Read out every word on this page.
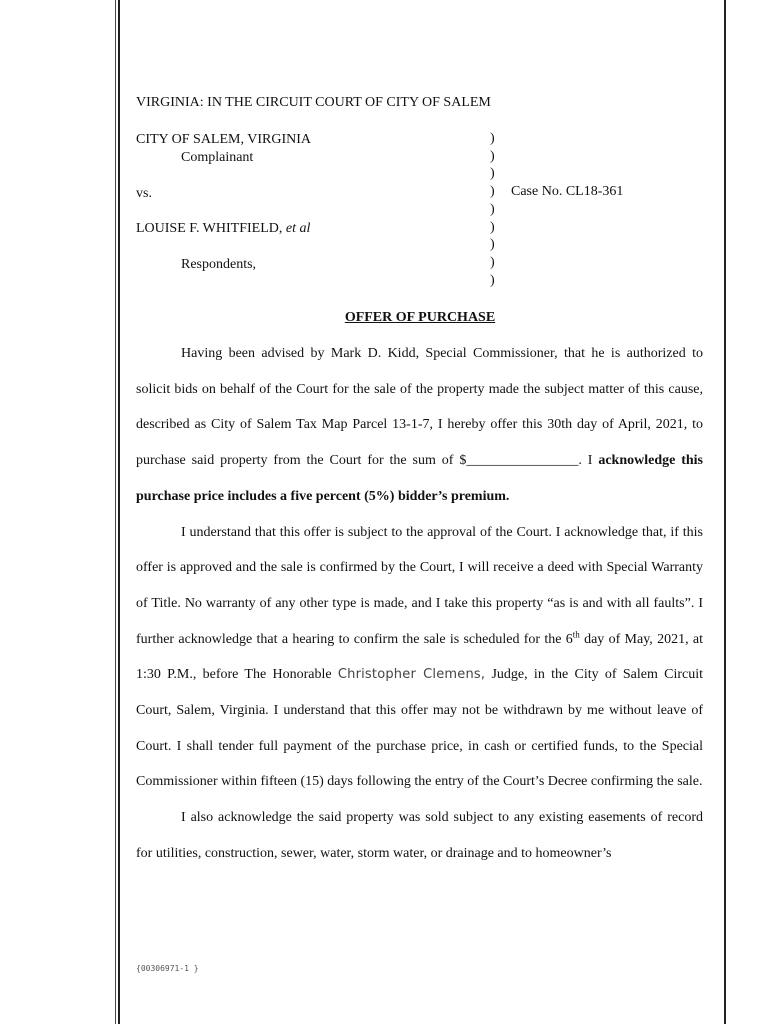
VIRGINIA: IN THE CIRCUIT COURT OF CITY OF SALEM
CITY OF SALEM, VIRGINIA
Complainant
vs.
LOUISE F. WHITFIELD, et al
Respondents,
)
)
)
)
)
)
)
)
)
Case No. CL18-361
OFFER OF PURCHASE

Having been advised by Mark D. Kidd, Special Commissioner, that he is authorized to solicit bids on behalf of the Court for the sale of the property made the subject matter of this cause, described as City of Salem Tax Map Parcel 13-1-7, I hereby offer this 30th day of April, 2021, to purchase said property from the Court for the sum of $________________. I acknowledge this purchase price includes a five percent (5%) bidder’s premium.

I understand that this offer is subject to the approval of the Court. I acknowledge that, if this offer is approved and the sale is confirmed by the Court, I will receive a deed with Special Warranty of Title. No warranty of any other type is made, and I take this property “as is and with all faults”. I further acknowledge that a hearing to confirm the sale is scheduled for the 6th day of May, 2021, at 1:30 P.M., before The Honorable Christopher Clemens, Judge, in the City of Salem Circuit Court, Salem, Virginia. I understand that this offer may not be withdrawn by me without leave of Court. I shall tender full payment of the purchase price, in cash or certified funds, to the Special Commissioner within fifteen (15) days following the entry of the Court’s Decree confirming the sale.

I also acknowledge the said property was sold subject to any existing easements of record for utilities, construction, sewer, water, storm water, or drainage and to homeowner’s

{00306971-1 }
